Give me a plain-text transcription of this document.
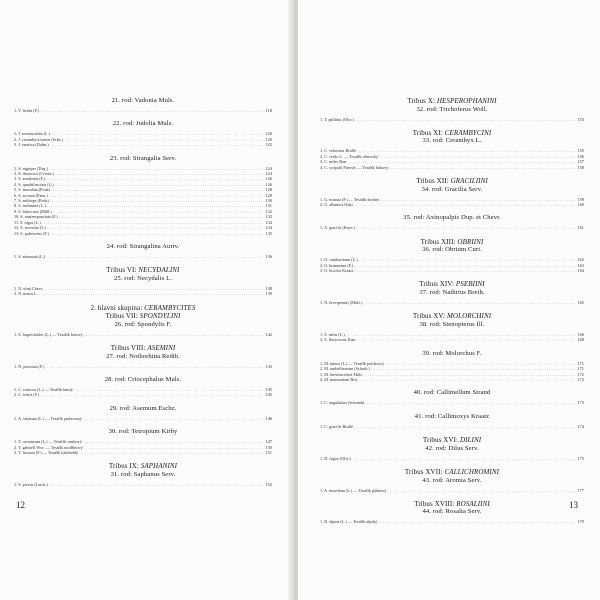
21. rod: Vadonia Muls.
1. V. livida (F.) . . .	118
22. rod: Judolia Muls.
1. J. sexmaculata (L.) . . .	120
2. J. cerambyciformis (Schr.) . . .	120
3. J. erratica (Dalm.) . . .	122
23. rod: Strangalia Serv.
1. S. nigripes (Deg.) . . .	124
2. S. thoracica (Creutz.) . . .	124
3. S. aurulenta (F.) . . .	126
4. S. quadrifasciata (L.) . . .	126
5. S. maculata (Poda) . . .	128
6. S. arcuata (Panz.) . . .	128
7. S. aethiops (Poda) . . .	130
8. S. melanura (L.) . . .	131
9. S. bifasciata (Müll.) . . .	132
10. S. septempunctata (F.) . . .	132
11. S. nigra (L.) . . .	134
12. S. revestita (L.) . . .	134
13. S. pubescens (F.) . . .	135
24. rod: Strangalina Auriv.
1. S. attenuata (L.) . . .	136
Tribus VI: NECYDALINI
25. rod: Necydalis L.
1. N. ulmi Chevr. . . .	138
2. N. maior L. . . .	139
2. hlavní skupina: CERAMBYCITES
Tribus VII: SPONDYLINI
26. rod: Spondylis F.
1. S. buprestoides (L.) — Tesařík borový . . .	142
Tribus VIII: ASEMINI
27. rod: Nothorhina Redtb.
1. N. punctata (F.) . . .	143
28. rod: Criocephalus Muls.
1. C. rusticus (L.) — Tesařík kmitý . . .	145
2. C. tristis (F.) . . .	145
29. rod: Asemum Eschz.
1. A. striatum (L.) — Tesařík prubovaný . . .	146
30. rod: Tetropium Kirby
1. T. castaneum (L.) — Tesařík smrkový . . .	147
2. T. gabrieli Wse. — Tesařík modřínový . . .	150
3. T. fuscum (F.) — Tesařík lodobohlý . . .	151
Tribus IX: SAPHANINI
31. rod: Saphanus Serv.
1. S. piceus (Laich.) . . .	152
12
Tribus X: HESPEROPHANINI
32. rod: Trichoferus Woll.
1. T. pallidus (Oliv.) . . .	153
Tribus XI: CERAMBYCINI
33. rod: Cerambyx L.
1. C. velutinus Brullé . . .	155
2. C. cerdo L. — Tesařík obrovský . . .	156
3. C. miles Bon. . . .	157
4. C. scopolii Füessly — Tesařík bukový . . .	158
Tribus XII: GRACILIINI
34. rod: Gracilia Serv.
1. G. minuta (F.) — Tesařík drobný . . .	159
2. G. albanica Ouki . . .	160
35. rod: Axinopalpis Dup. et Chevr.
1. A. gracilis (Kryn.) . . .	161
Tribus XIII: OBRIINI
36. rod: Obrium Curt.
1. O. cantharinum (L.) . . .	162
2. O. brunneum (F.) . . .	163
3. O. bicolor Kraatz . . .	164
Tribus XIV: PSEBIINI
37. rod: Nathrius Breth.
1. N. brevipennis (Muls.) . . .	165
Tribus XV: MOLORCHINI
38. rod: Stenopterus Ill.
1. S. rufus (L.) . . .	166
2. S. flavicornis Küst. . . .	168
39. rod: Molorchus F.
1. M. minor (L.) — Tesařík polokrový . . .	171
2. M. umbellatarum (Schreb.) . . .	171
3. M. kiesenwetteri Muls. . . .	172
4. M. marmottani Bris. . . .	172
40. rod: Callimellum Strand
1. C. angulatum (Schrank) . . .	173
41. rod: Callimoxys Kraatz
1. C. gracilis Brullé . . .	174
Tribus XVI: DILINI
42. rod: Dilus Serv.
1. D. fugax (Oliv.) . . .	175
Tribus XVII: CALLICHROMINI
43. rod: Aromia Serv.
1. A. moschata (L.) — Tesařík pižmový . . .	177
Tribus XVIII: ROSALIINI
44. rod: Rosalia Serv.
1. R. alpina (L.) — Tesařík alpský . . .	179
13
